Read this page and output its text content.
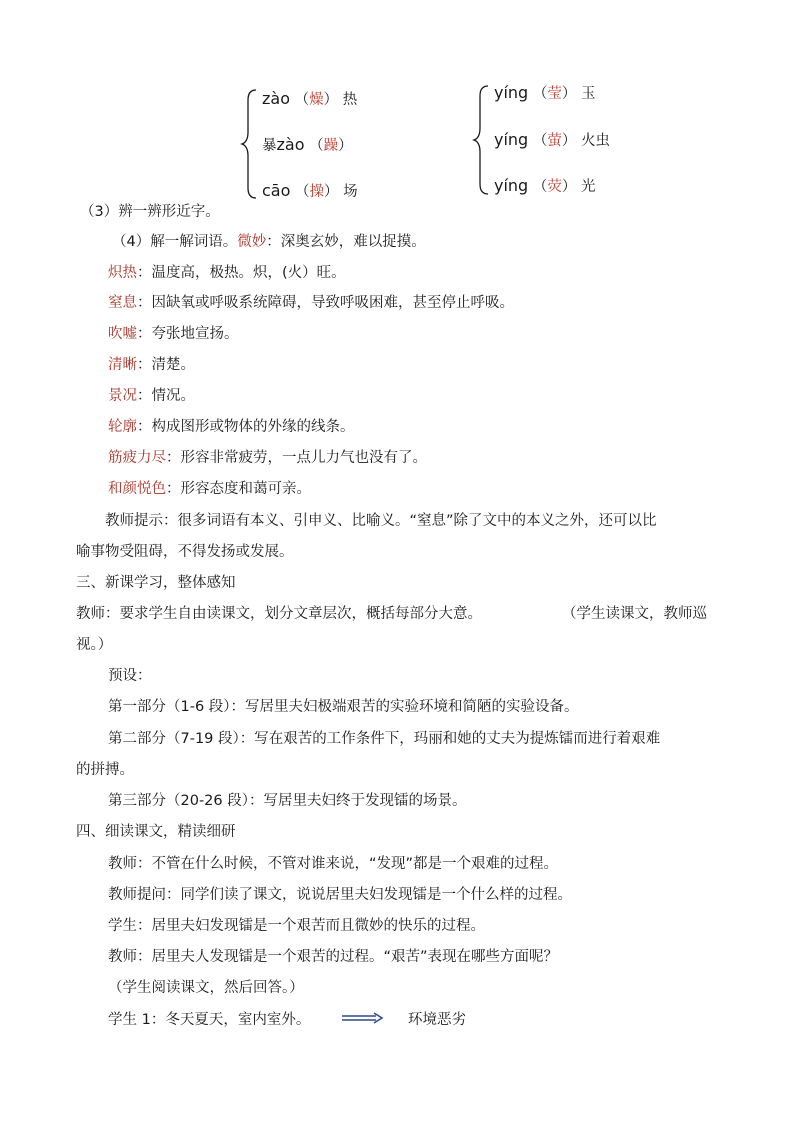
zào （燥） 热
暴zào （躁）
cāo （操） 场
yíng （莹） 玉
yíng （萤） 火虫
yíng （荧） 光
（3）辨一辨形近字。
（4）解一解词语。微妙：深奥玄妙，难以捉摸。
炽热：温度高，极热。炽，(火）旺。
窒息：因缺氧或呼吸系统障碍，导致呼吸困难，甚至停止呼吸。
吹嘘：夸张地宣扬。
清晰：清楚。
景况：情况。
轮廓：构成图形或物体的外缘的线条。
筋疲力尽：形容非常疲劳，一点儿力气也没有了。
和颜悦色：形容态度和蔼可亲。
教师提示：很多词语有本义、引申义、比喻义。“窒息”除了文中的本义之外，还可以比
喻事物受阻碍，不得发扬或发展。
三、新课学习，整体感知
教师：要求学生自由读课文，划分文章层次，概括每部分大意。	（学生读课文，教师巡
视。）
预设：
第一部分（1-6 段）：写居里夫妇极端艰苦的实验环境和简陋的实验设备。
第二部分（7-19 段）：写在艰苦的工作条件下，玛丽和她的丈夫为提炼镭而进行着艰难
的拼搏。
第三部分（20-26 段）：写居里夫妇终于发现镭的场景。
四、细读课文，精读细研
教师：不管在什么时候，不管对谁来说，“发现”都是一个艰难的过程。
教师提问：同学们读了课文，说说居里夫妇发现镭是一个什么样的过程。
学生：居里夫妇发现镭是一个艰苦而且微妙的快乐的过程。
教师：居里夫人发现镭是一个艰苦的过程。“艰苦”表现在哪些方面呢？
（学生阅读课文，然后回答。）
学生 1：冬天夏天，室内室外。	环境恶劣
